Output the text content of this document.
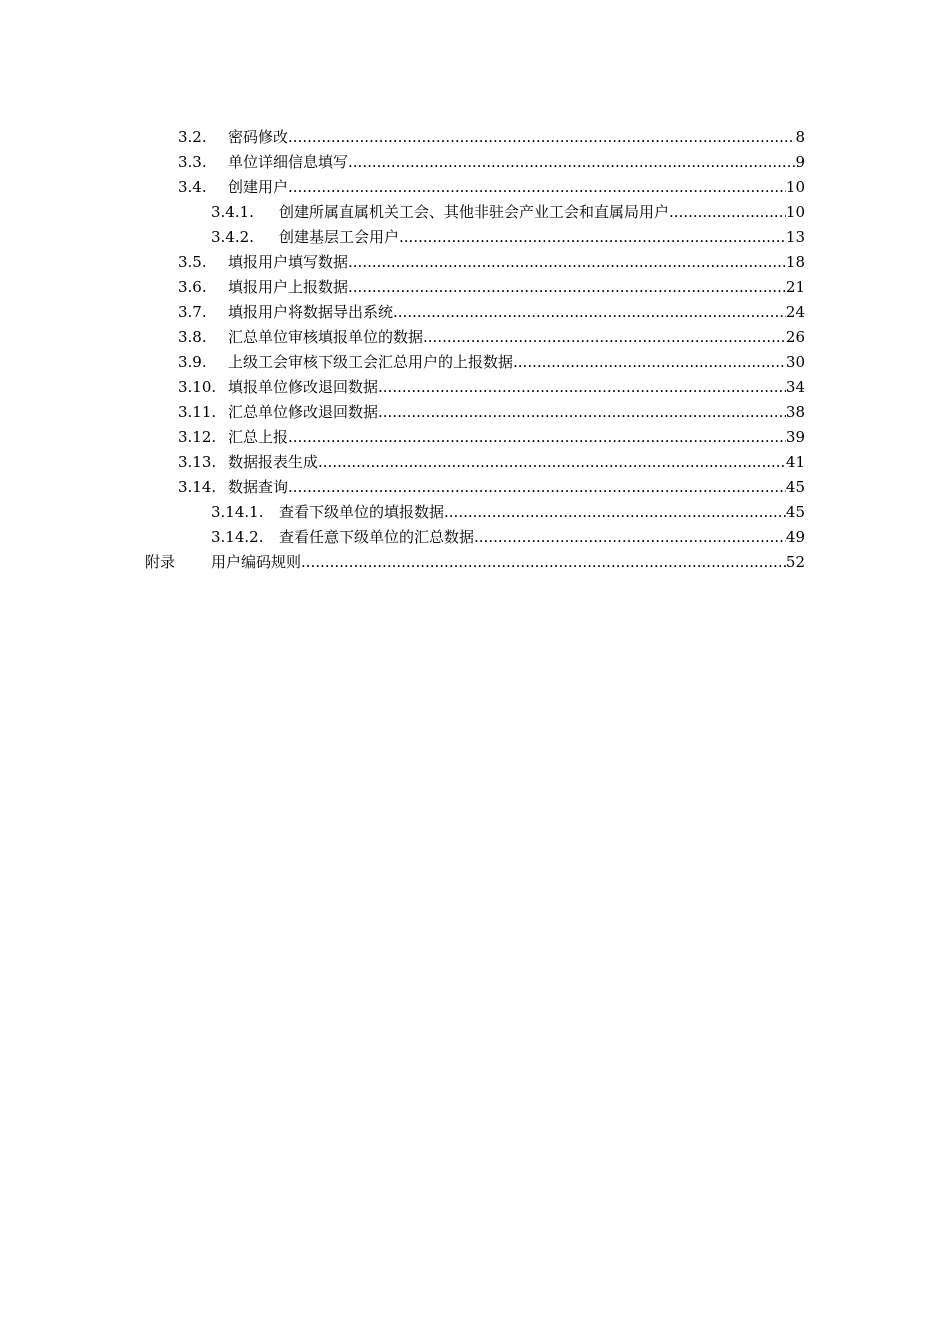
3.2. 密码修改 .....	8
3.3. 单位详细信息填写 .....	9
3.4. 创建用户 .....	10
3.4.1. 创建所属直属机关工会、其他非驻会产业工会和直属局用户 .....	10
3.4.2. 创建基层工会用户 .....	13
3.5. 填报用户填写数据 .....	18
3.6. 填报用户上报数据 .....	21
3.7. 填报用户将数据导出系统 .....	24
3.8. 汇总单位审核填报单位的数据 .....	26
3.9. 上级工会审核下级工会汇总用户的上报数据 .....	30
3.10. 填报单位修改退回数据 .....	34
3.11. 汇总单位修改退回数据 .....	38
3.12. 汇总上报 .....	39
3.13. 数据报表生成 .....	41
3.14. 数据查询 .....	45
3.14.1. 查看下级单位的填报数据 .....	45
3.14.2. 查看任意下级单位的汇总数据 .....	49
附录 用户编码规则 .....	52
